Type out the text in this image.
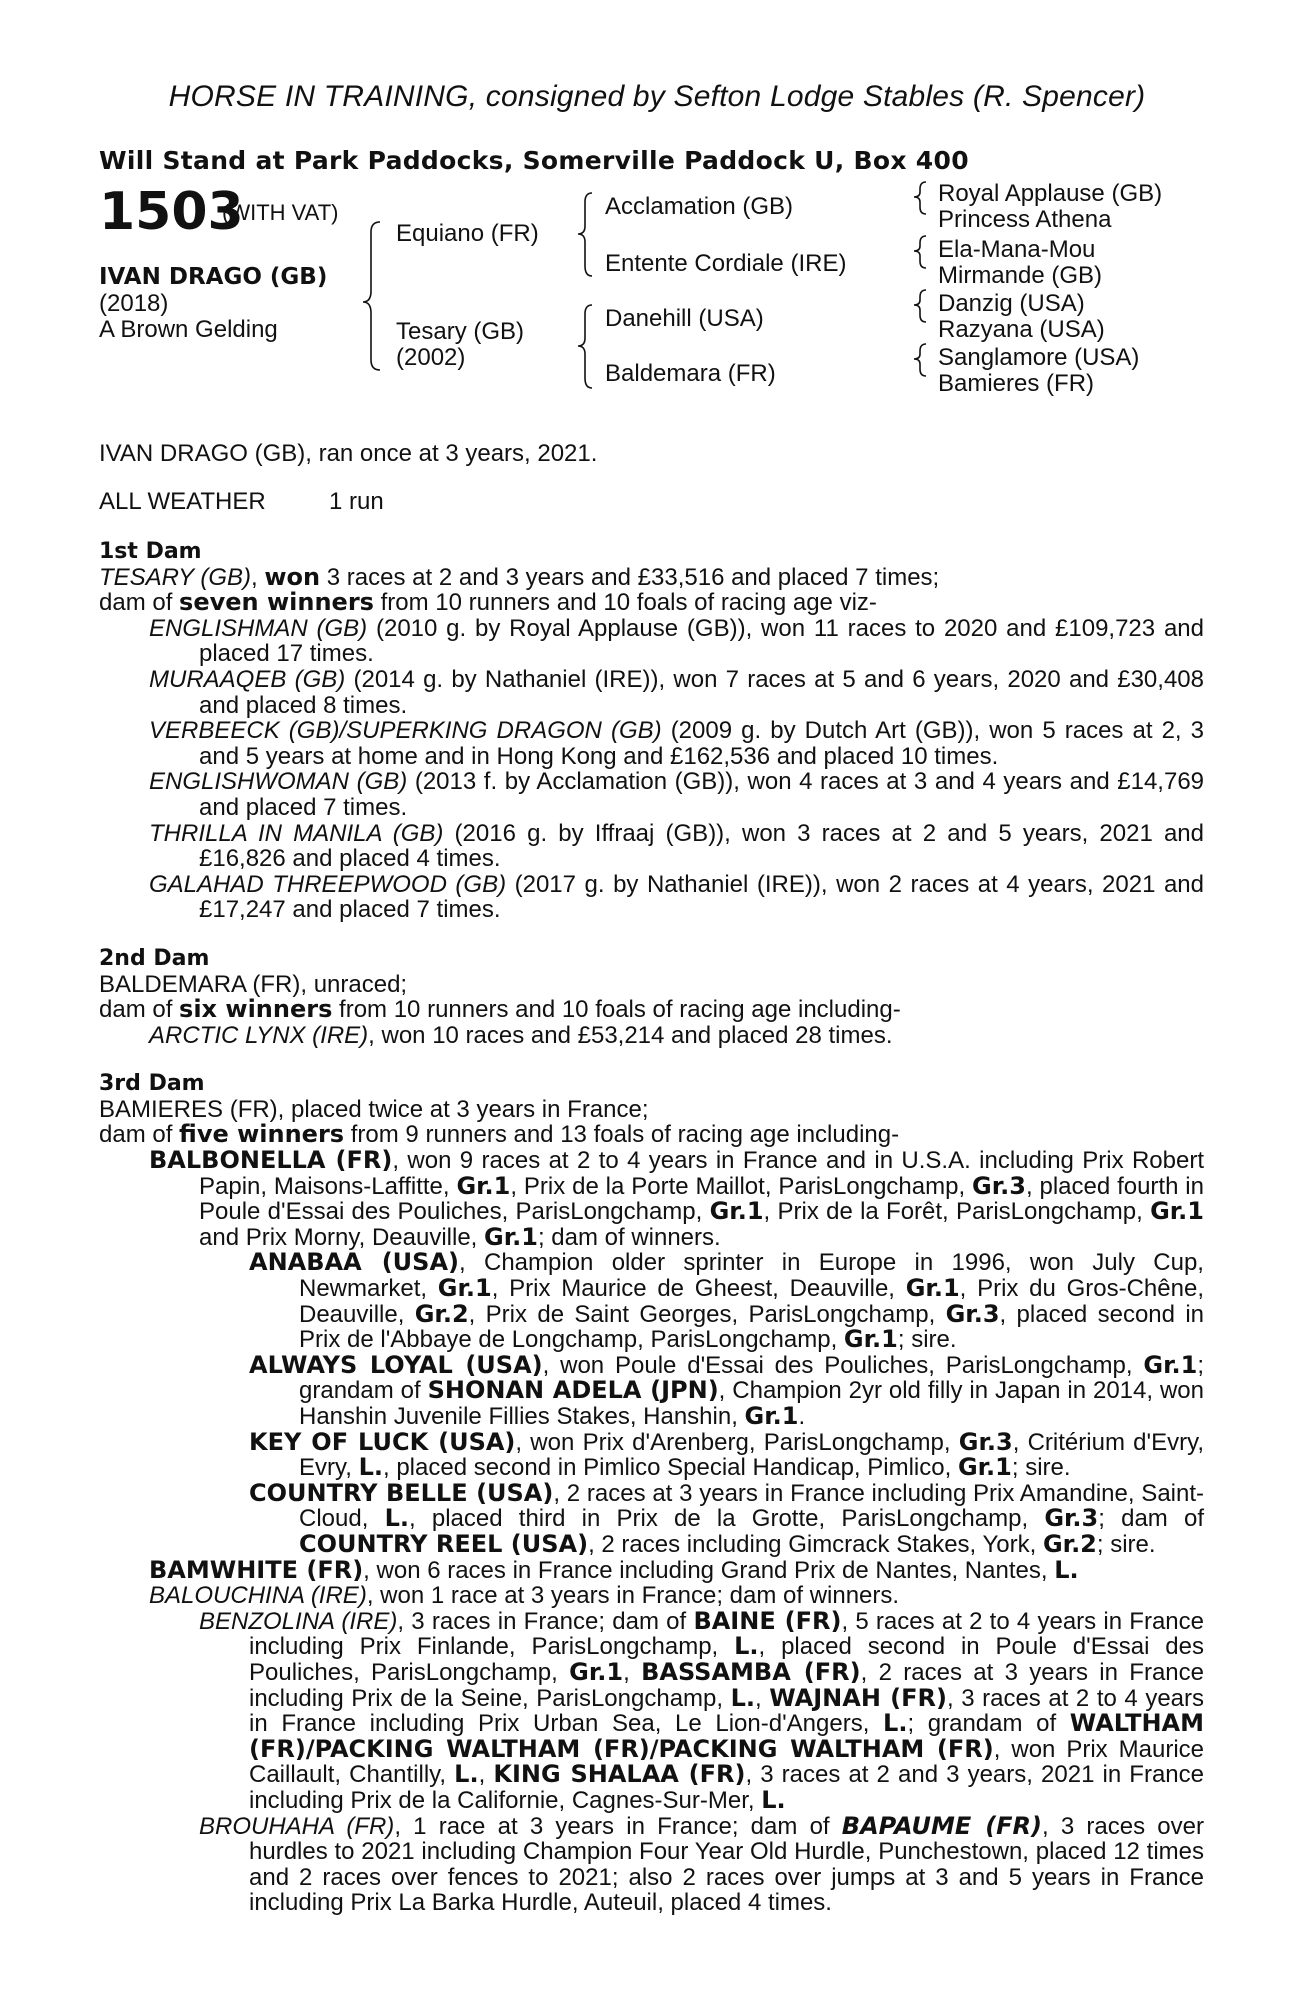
HORSE IN TRAINING, consigned by Sefton Lodge Stables (R. Spencer)
Will Stand at Park Paddocks, Somerville Paddock U, Box 400
1503
(WITH VAT)
IVAN DRAGO (GB)
(2018)
A Brown Gelding
Equiano (FR)
Tesary (GB)
(2002)
Acclamation (GB)
Entente Cordiale (IRE)
Danehill (USA)
Baldemara (FR)
Royal Applause (GB)
Princess Athena
Ela-Mana-Mou
Mirmande (GB)
Danzig (USA)
Razyana (USA)
Sanglamore (USA)
Bamieres (FR)
IVAN DRAGO (GB), ran once at 3 years, 2021.
ALL WEATHER	1 run

1st Dam

TESARY (GB), won 3 races at 2 and 3 years and £33,516 and placed 7 times;

dam of seven winners from 10 runners and 10 foals of racing age viz-

ENGLISHMAN (GB) (2010 g. by Royal Applause (GB)), won 11 races to 2020 and £109,723 and placed 17 times.

MURAAQEB (GB) (2014 g. by Nathaniel (IRE)), won 7 races at 5 and 6 years, 2020 and £30,408 and placed 8 times.

VERBEECK (GB)/SUPERKING DRAGON (GB) (2009 g. by Dutch Art (GB)), won 5 races at 2, 3 and 5 years at home and in Hong Kong and £162,536 and placed 10 times.

ENGLISHWOMAN (GB) (2013 f. by Acclamation (GB)), won 4 races at 3 and 4 years and £14,769 and placed 7 times.

THRILLA IN MANILA (GB) (2016 g. by Iffraaj (GB)), won 3 races at 2 and 5 years, 2021 and £16,826 and placed 4 times.

GALAHAD THREEPWOOD (GB) (2017 g. by Nathaniel (IRE)), won 2 races at 4 years, 2021 and £17,247 and placed 7 times.

2nd Dam

BALDEMARA (FR), unraced;

dam of six winners from 10 runners and 10 foals of racing age including-

ARCTIC LYNX (IRE), won 10 races and £53,214 and placed 28 times.

3rd Dam

BAMIERES (FR), placed twice at 3 years in France;

dam of five winners from 9 runners and 13 foals of racing age including-

BALBONELLA (FR), won 9 races at 2 to 4 years in France and in U.S.A. including Prix Robert Papin, Maisons-Laffitte, Gr.1, Prix de la Porte Maillot, ParisLongchamp, Gr.3, placed fourth in Poule d'Essai des Pouliches, ParisLongchamp, Gr.1, Prix de la Forêt, ParisLongchamp, Gr.1 and Prix Morny, Deauville, Gr.1; dam of winners.

ANABAA (USA), Champion older sprinter in Europe in 1996, won July Cup, Newmarket, Gr.1, Prix Maurice de Gheest, Deauville, Gr.1, Prix du Gros-Chêne, Deauville, Gr.2, Prix de Saint Georges, ParisLongchamp, Gr.3, placed second in Prix de l'Abbaye de Longchamp, ParisLongchamp, Gr.1; sire.

ALWAYS LOYAL (USA), won Poule d'Essai des Pouliches, ParisLongchamp, Gr.1; grandam of SHONAN ADELA (JPN), Champion 2yr old filly in Japan in 2014, won Hanshin Juvenile Fillies Stakes, Hanshin, Gr.1.

KEY OF LUCK (USA), won Prix d'Arenberg, ParisLongchamp, Gr.3, Critérium d'Evry, Evry, L., placed second in Pimlico Special Handicap, Pimlico, Gr.1; sire.

COUNTRY BELLE (USA), 2 races at 3 years in France including Prix Amandine, Saint-Cloud, L., placed third in Prix de la Grotte, ParisLongchamp, Gr.3; dam of COUNTRY REEL (USA), 2 races including Gimcrack Stakes, York, Gr.2; sire.

BAMWHITE (FR), won 6 races in France including Grand Prix de Nantes, Nantes, L.

BALOUCHINA (IRE), won 1 race at 3 years in France; dam of winners.

BENZOLINA (IRE), 3 races in France; dam of BAINE (FR), 5 races at 2 to 4 years in France including Prix Finlande, ParisLongchamp, L., placed second in Poule d'Essai des Pouliches, ParisLongchamp, Gr.1, BASSAMBA (FR), 2 races at 3 years in France including Prix de la Seine, ParisLongchamp, L., WAJNAH (FR), 3 races at 2 to 4 years in France including Prix Urban Sea, Le Lion-d'Angers, L.; grandam of WALTHAM (FR)/PACKING WALTHAM (FR)/PACKING WALTHAM (FR), won Prix Maurice Caillault, Chantilly, L., KING SHALAA (FR), 3 races at 2 and 3 years, 2021 in France including Prix de la Californie, Cagnes-Sur-Mer, L.

BROUHAHA (FR), 1 race at 3 years in France; dam of BAPAUME (FR), 3 races over hurdles to 2021 including Champion Four Year Old Hurdle, Punchestown, placed 12 times and 2 races over fences to 2021; also 2 races over jumps at 3 and 5 years in France including Prix La Barka Hurdle, Auteuil, placed 4 times.
